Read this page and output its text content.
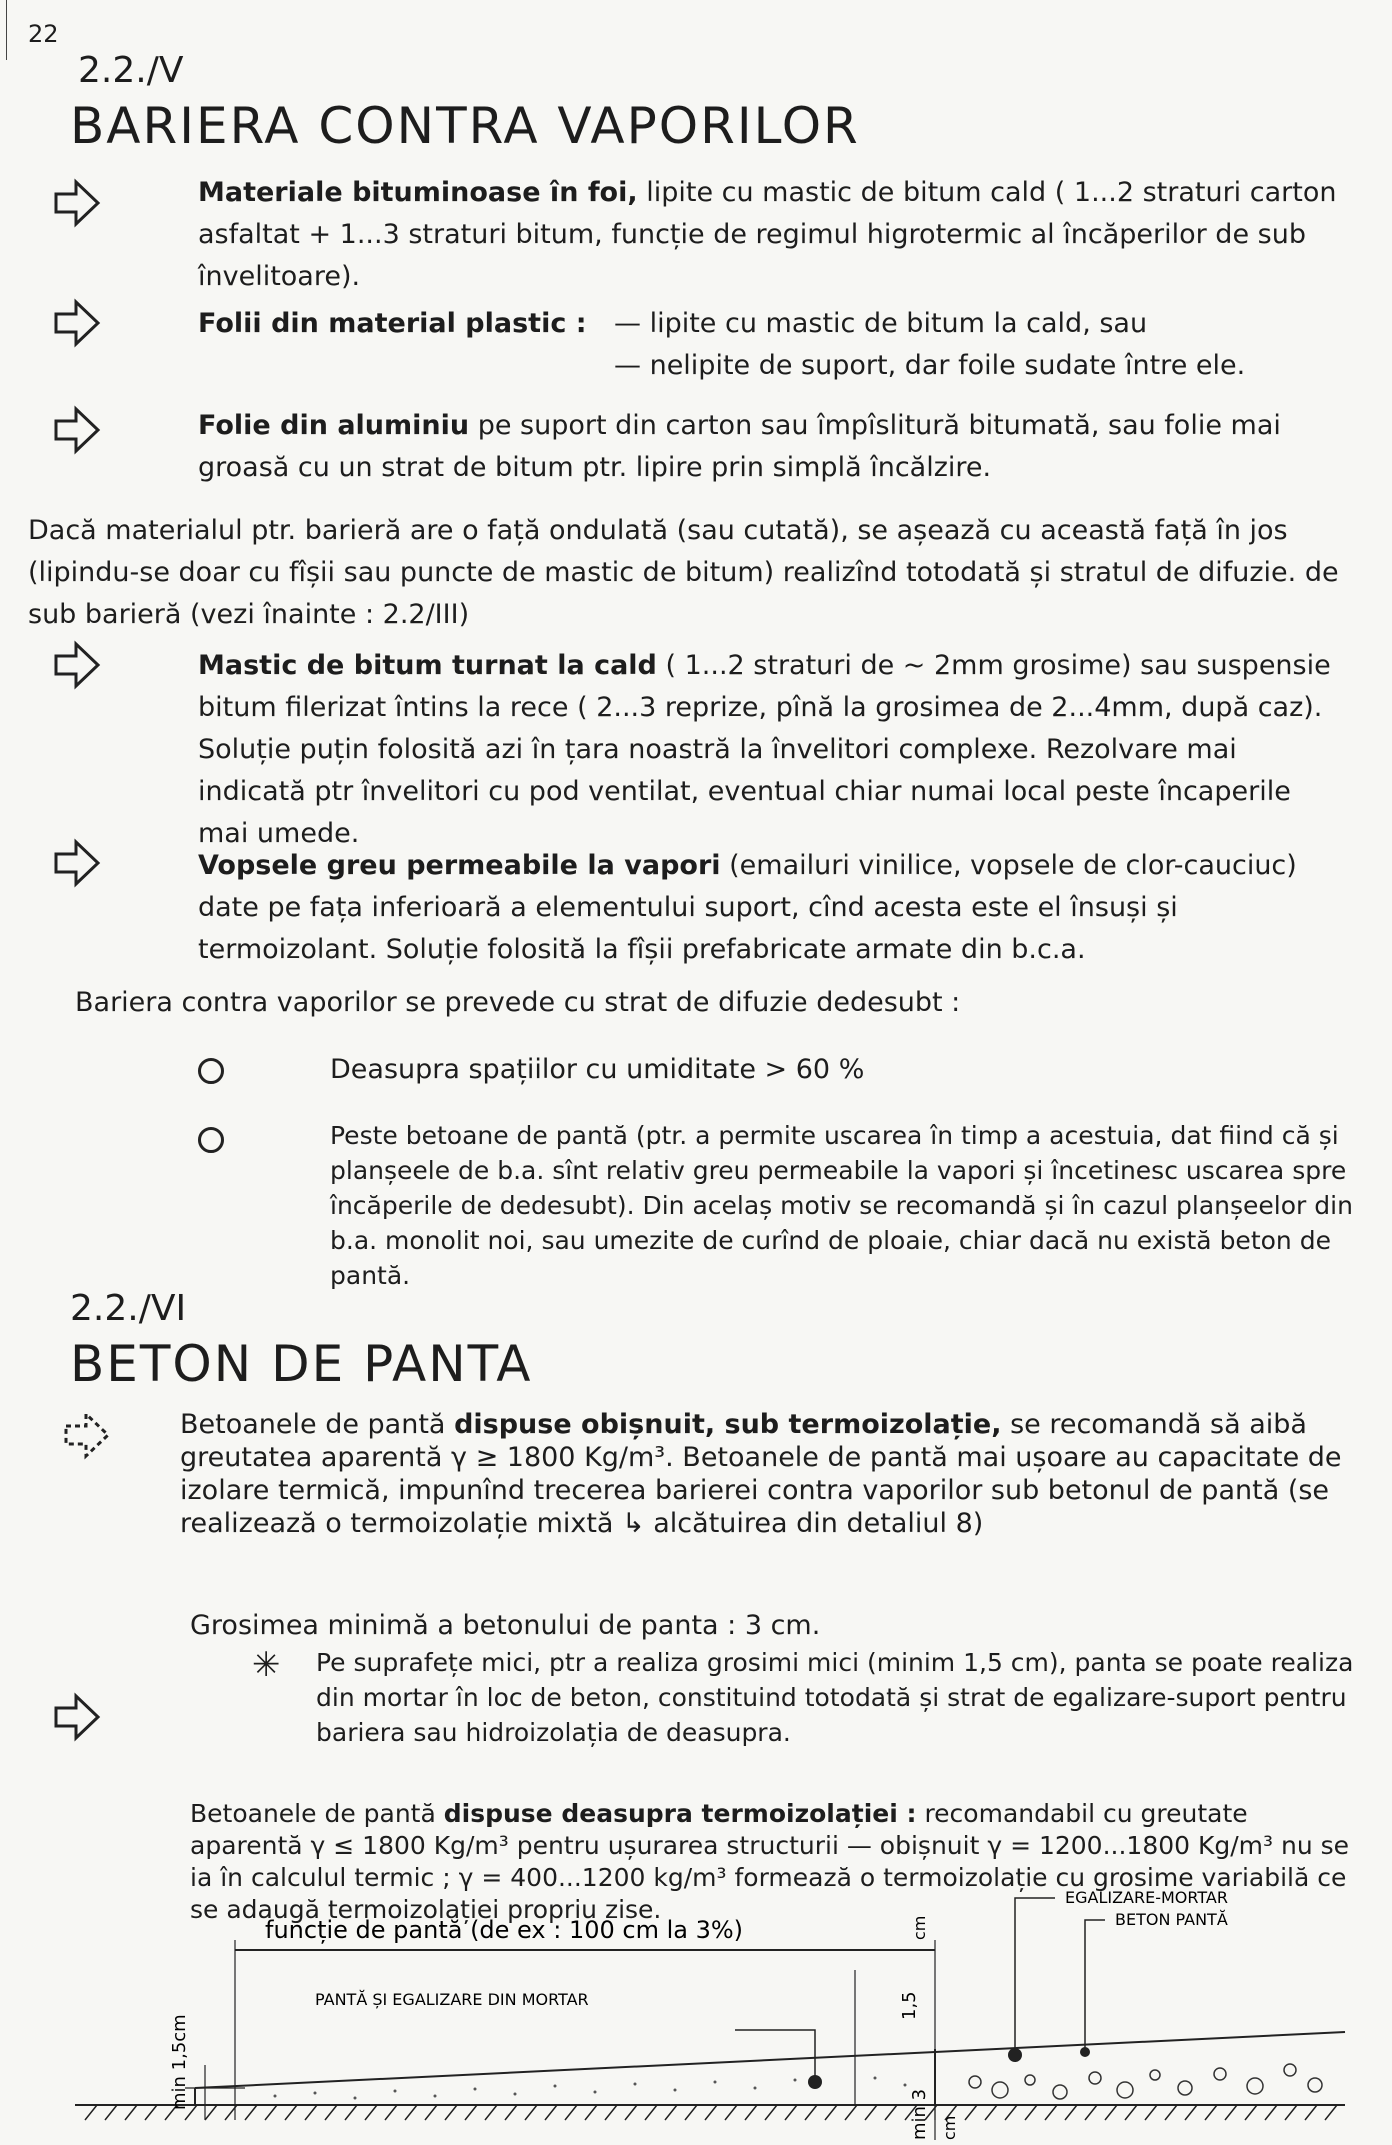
22
2.2./V
BARIERA CONTRA VAPORILOR
Materiale bituminoase în foi, lipite cu mastic de bitum cald ( 1...2 straturi carton asfaltat + 1...3 straturi bitum, funcție de regimul higrotermic al încăperilor de sub învelitoare).
Folii din material plastic : — lipite cu mastic de bitum la cald, sau
— nelipite de suport, dar foile sudate între ele.
Folie din aluminiu pe suport din carton sau împîslitură bitumată, sau folie mai groasă cu un strat de bitum ptr. lipire prin simplă încălzire.
Dacă materialul ptr. barieră are o față ondulată (sau cutată), se așează cu această față în jos (lipindu-se doar cu fîșii sau puncte de mastic de bitum) realizînd totodată și stratul de difuzie. de sub barieră (vezi înainte : 2.2/III)
Mastic de bitum turnat la cald ( 1...2 straturi de ~ 2mm grosime) sau suspensie bitum filerizat întins la rece ( 2...3 reprize, pînă la grosimea de 2...4mm, după caz). Soluție puțin folosită azi în țara noastră la învelitori complexe. Rezolvare mai indicată ptr învelitori cu pod ventilat, eventual chiar numai local peste încaperile mai umede.
Vopsele greu permeabile la vapori (emailuri vinilice, vopsele de clor-cauciuc) date pe fața inferioară a elementului suport, cînd acesta este el însuși și termoizolant. Soluție folosită la fîșii prefabricate armate din b.c.a.
Bariera contra vaporilor se prevede cu strat de difuzie dedesubt :
Deasupra spațiilor cu umiditate > 60 %
Peste betoane de pantă (ptr. a permite uscarea în timp a acestuia, dat fiind că și planșeele de b.a. sînt relativ greu permeabile la vapori și încetinesc uscarea spre încăperile de dedesubt). Din acelaș motiv se recomandă și în cazul planșeelor din b.a. monolit noi, sau umezite de curînd de ploaie, chiar dacă nu există beton de pantă.
2.2./VI
BETON DE PANTA
Betoanele de pantă dispuse obișnuit, sub termoizolație, se recomandă să aibă greutatea aparentă γ ≥ 1800 Kg/m³. Betoanele de pantă mai ușoare au capacitate de izolare termică, impunînd trecerea barierei contra vaporilor sub betonul de pantă (se realizează o termoizolație mixtă ↳ alcătuirea din detaliul 8)
Grosimea minimă a betonului de panta : 3 cm.
✳ Pe suprafețe mici, ptr a realiza grosimi mici (minim 1,5 cm), panta se poate realiza din mortar în loc de beton, constituind totodată și strat de egalizare-suport pentru bariera sau hidroizolația de deasupra.
funcție de pantă (de ex : 100 cm la 3%)
PANTĂ ȘI EGALIZARE DIN MORTAR
EGALIZARE-MORTAR
BETON PANTĂ
min 1,5cm
1,5
cm
min 3 cm
Betoanele de pantă dispuse deasupra termoizolației : recomandabil cu greutate aparentă γ ≤ 1800 Kg/m³ pentru ușurarea structurii — obișnuit γ = 1200...1800 Kg/m³ nu se ia în calculul termic ; γ = 400...1200 kg/m³ formează o termoizolație cu grosime variabilă ce se adaugă termoizolației propriu zise.
